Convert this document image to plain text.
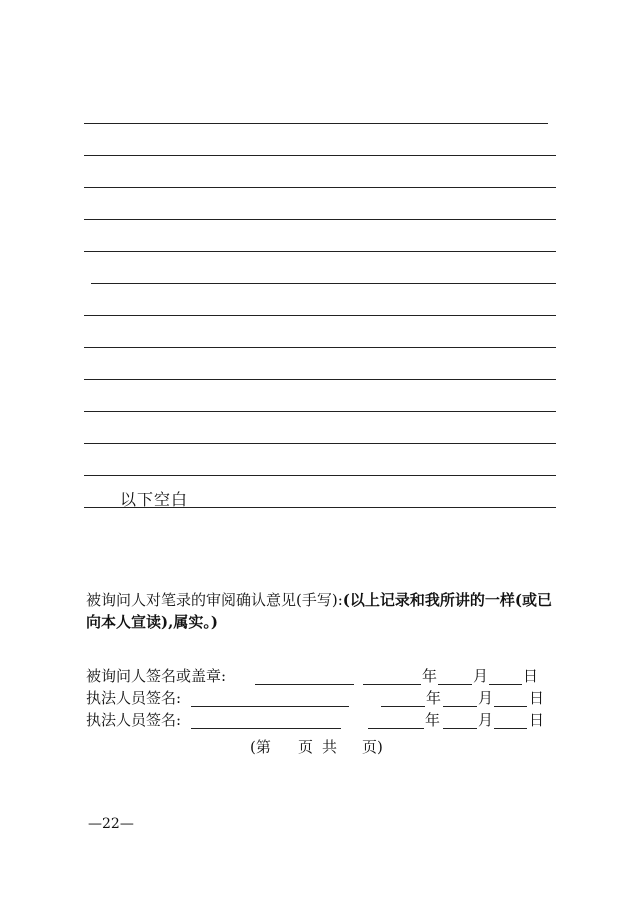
以下空白
被询问人对笔录的审阅确认意见(手写):(以上记录和我所讲的一样(或已向本人宣读),属实。)
被询问人签名或盖章:	年 月 日
执法人员签名:	年 月 日
执法人员签名:	年	月 日
(第 页 共 页)
—22—
